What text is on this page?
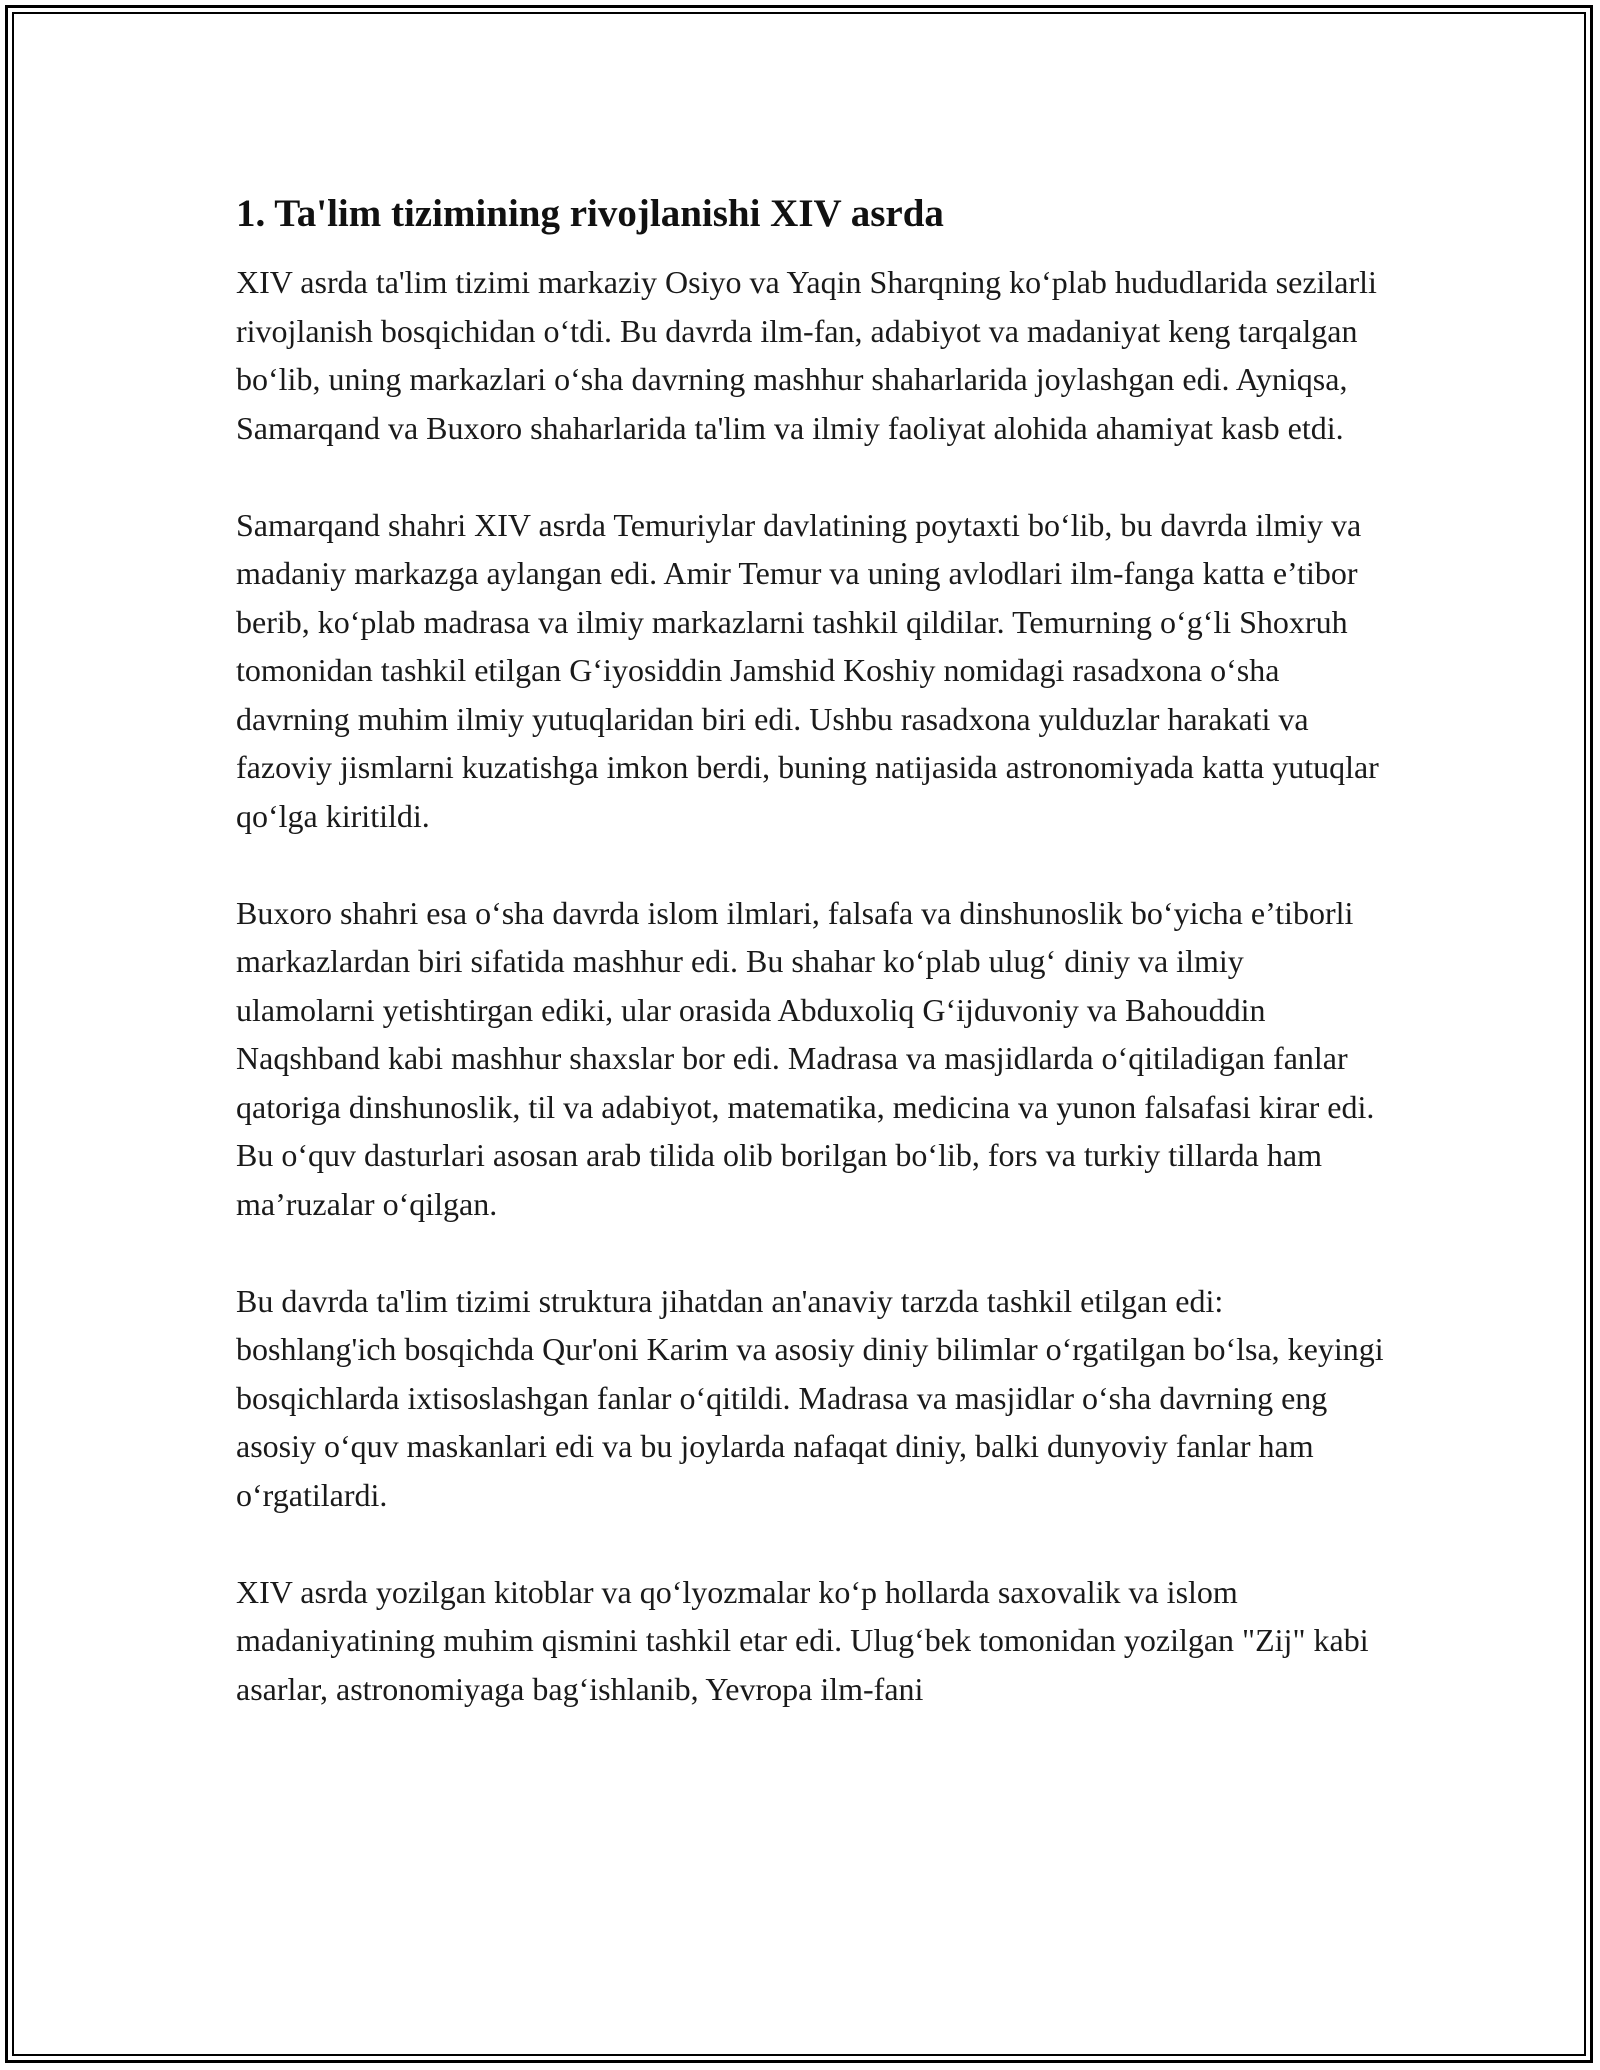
1. Ta'lim tizimining rivojlanishi XIV asrda

XIV asrda ta'lim tizimi markaziy Osiyo va Yaqin Sharqning ko‘plab hududlarida sezilarli rivojlanish bosqichidan o‘tdi. Bu davrda ilm-fan, adabiyot va madaniyat keng tarqalgan bo‘lib, uning markazlari o‘sha davrning mashhur shaharlarida joylashgan edi. Ayniqsa, Samarqand va Buxoro shaharlarida ta'lim va ilmiy faoliyat alohida ahamiyat kasb etdi.

Samarqand shahri XIV asrda Temuriylar davlatining poytaxti bo‘lib, bu davrda ilmiy va madaniy markazga aylangan edi. Amir Temur va uning avlodlari ilm-fanga katta e’tibor berib, ko‘plab madrasa va ilmiy markazlarni tashkil qildilar. Temurning o‘g‘li Shoxruh tomonidan tashkil etilgan G‘iyosiddin Jamshid Koshiy nomidagi rasadxona o‘sha davrning muhim ilmiy yutuqlaridan biri edi. Ushbu rasadxona yulduzlar harakati va fazoviy jismlarni kuzatishga imkon berdi, buning natijasida astronomiyada katta yutuqlar qo‘lga kiritildi.

Buxoro shahri esa o‘sha davrda islom ilmlari, falsafa va dinshunoslik bo‘yicha e’tiborli markazlardan biri sifatida mashhur edi. Bu shahar ko‘plab ulug‘ diniy va ilmiy ulamolarni yetishtirgan ediki, ular orasida Abduxoliq G‘ijduvoniy va Bahouddin Naqshband kabi mashhur shaxslar bor edi. Madrasa va masjidlarda o‘qitiladigan fanlar qatoriga dinshunoslik, til va adabiyot, matematika, medicina va yunon falsafasi kirar edi. Bu o‘quv dasturlari asosan arab tilida olib borilgan bo‘lib, fors va turkiy tillarda ham ma’ruzalar o‘qilgan.

Bu davrda ta'lim tizimi struktura jihatdan an'anaviy tarzda tashkil etilgan edi: boshlang'ich bosqichda Qur'oni Karim va asosiy diniy bilimlar o‘rgatilgan bo‘lsa, keyingi bosqichlarda ixtisoslashgan fanlar o‘qitildi. Madrasa va masjidlar o‘sha davrning eng asosiy o‘quv maskanlari edi va bu joylarda nafaqat diniy, balki dunyoviy fanlar ham o‘rgatilardi.

XIV asrda yozilgan kitoblar va qo‘lyozmalar ko‘p hollarda saxovalik va islom madaniyatining muhim qismini tashkil etar edi. Ulug‘bek tomonidan yozilgan "Zij" kabi asarlar, astronomiyaga bag‘ishlanib, Yevropa ilm-fani
